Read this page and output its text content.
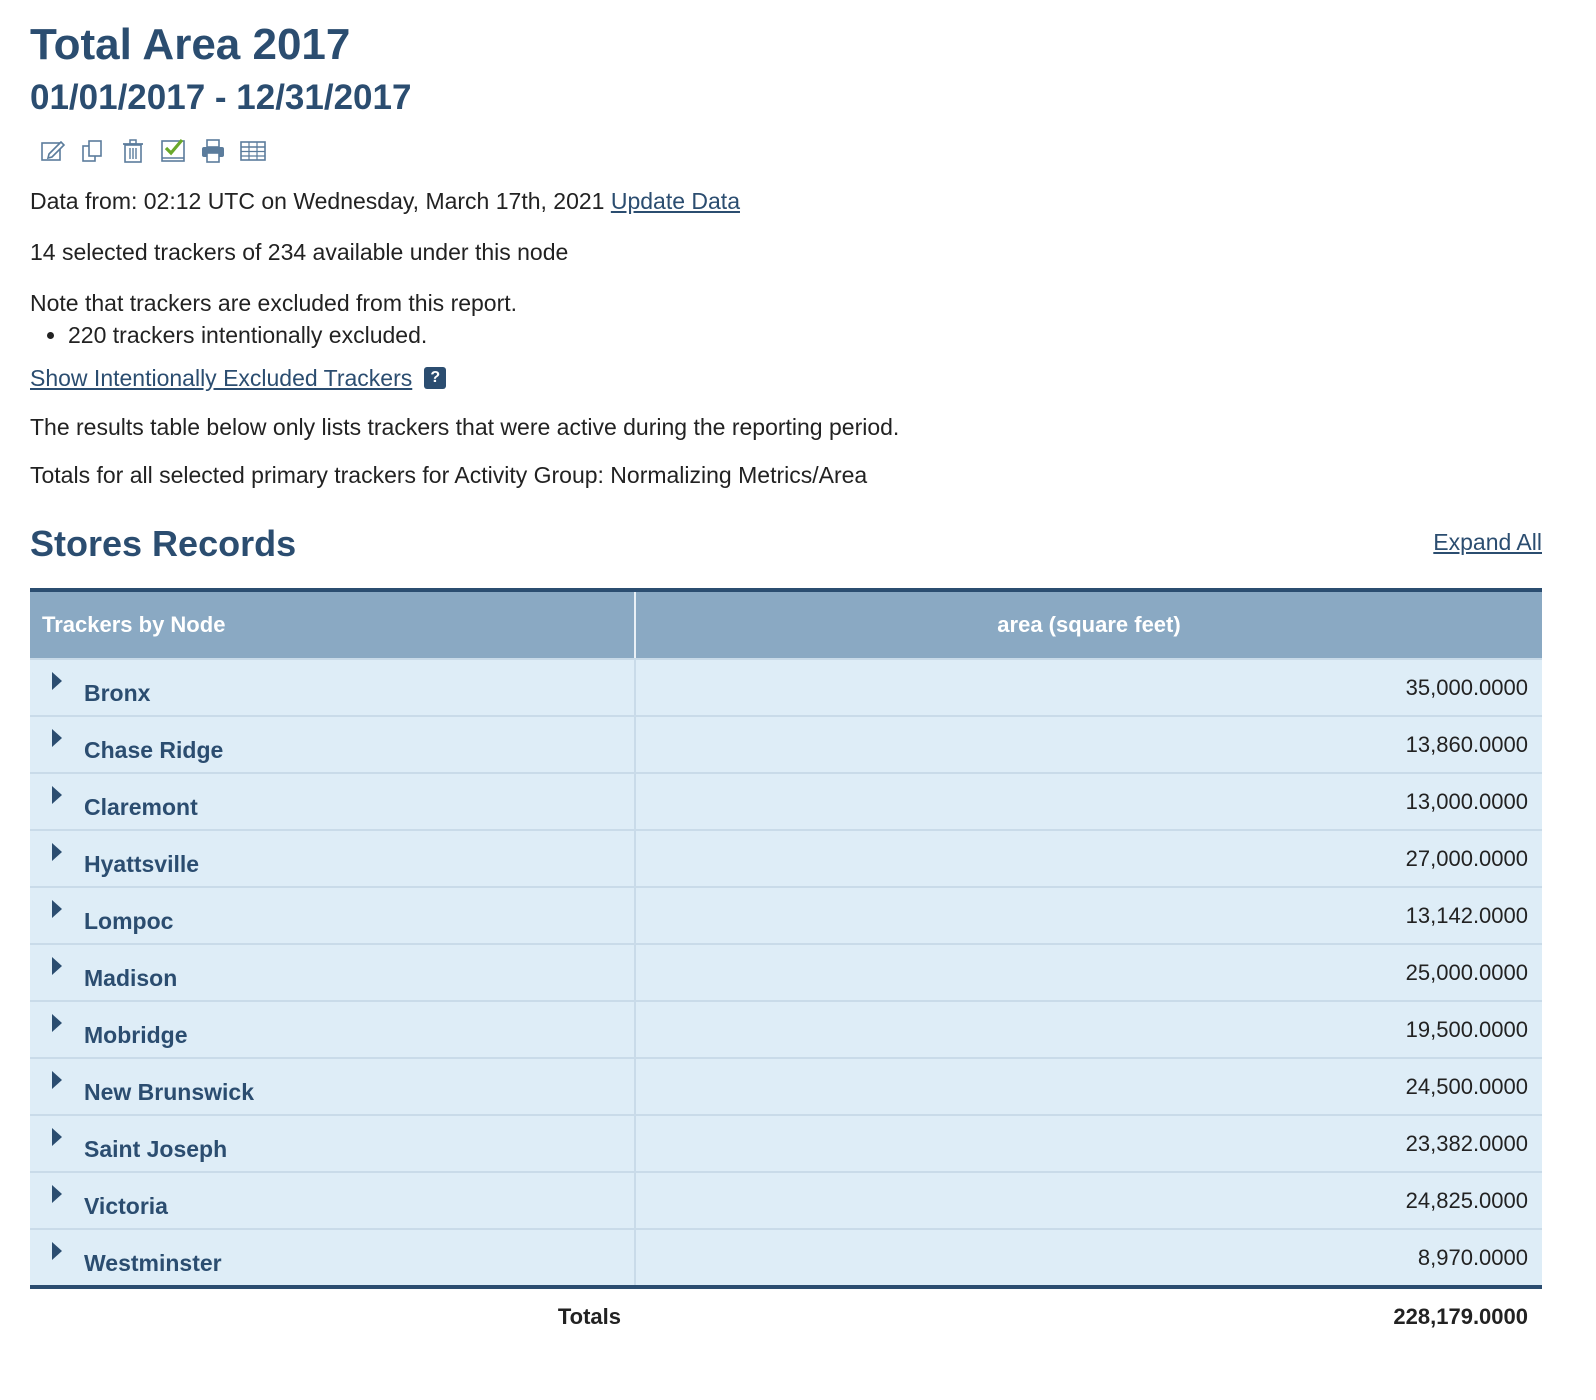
Total Area 2017
01/01/2017 - 12/31/2017

Data from: 02:12 UTC on Wednesday, March 17th, 2021 Update Data

14 selected trackers of 234 available under this node

Note that trackers are excluded from this report.

• 220 trackers intentionally excluded.
Show Intentionally Excluded Trackers	?

The results table below only lists trackers that were active during the reporting period.

Totals for all selected primary trackers for Activity Group: Normalizing Metrics/Area

Stores Records	Expand All
Trackers by Node	area (square feet)

Bronx	35,000.0000

Chase Ridge	13,860.0000

Claremont	13,000.0000

Hyattsville	27,000.0000

Lompoc	13,142.0000

Madison	25,000.0000

Mobridge	19,500.0000

New Brunswick	24,500.0000

Saint Joseph	23,382.0000

Victoria	24,825.0000

Westminster	8,970.0000
Totals	228,179.0000
